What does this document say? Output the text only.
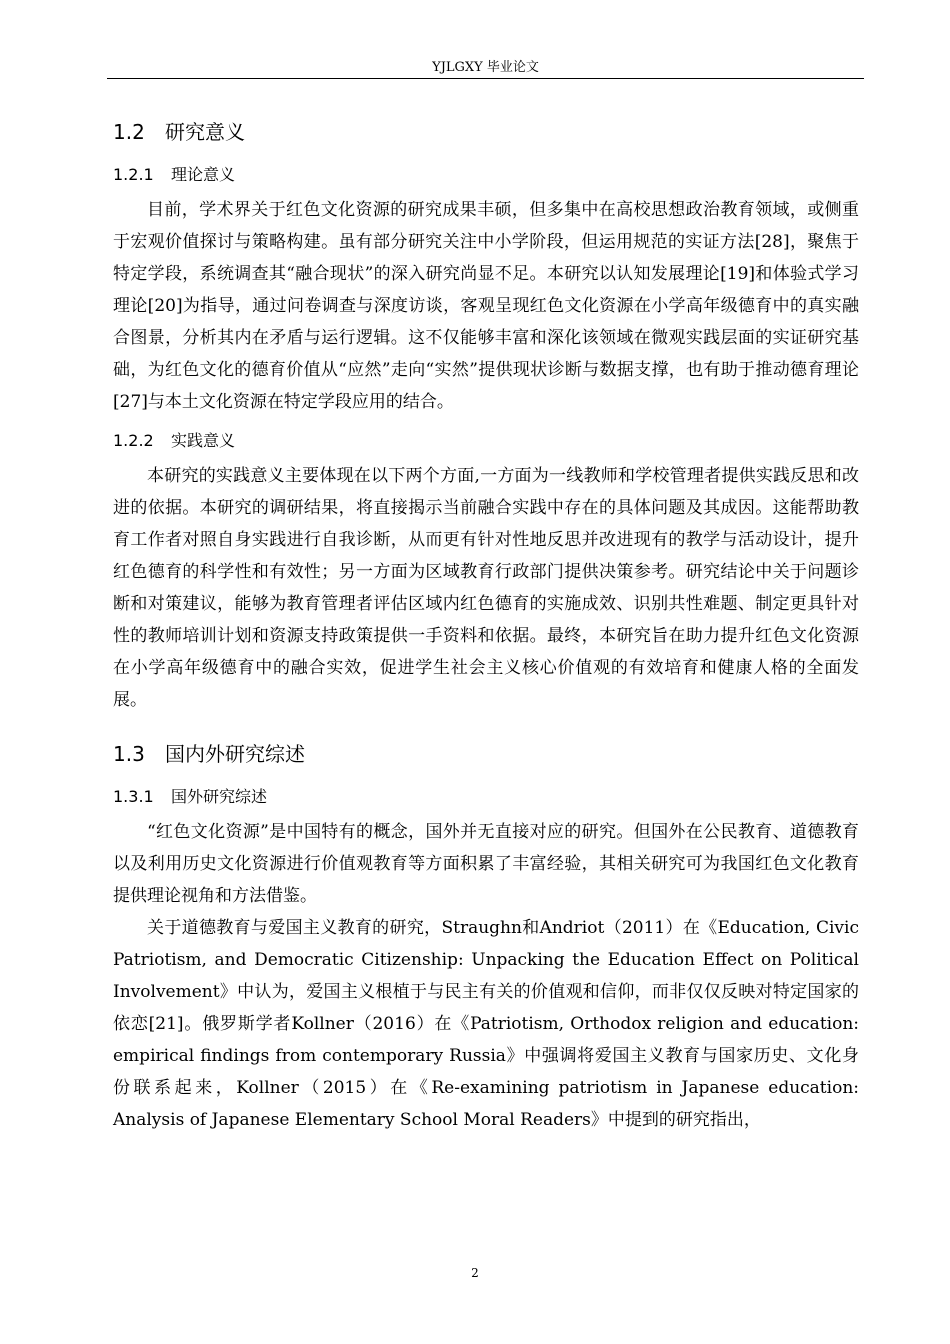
YJLGXY 毕业论文
1.2 研究意义
1.2.1 理论意义

目前，学术界关于红色文化资源的研究成果丰硕，但多集中在高校思想政治教育领域，或侧重于宏观价值探讨与策略构建。虽有部分研究关注中小学阶段，但运用规范的实证方法[28]，聚焦于特定学段，系统调查其“融合现状”的深入研究尚显不足。本研究以认知发展理论[19]和体验式学习理论[20]为指导，通过问卷调查与深度访谈，客观呈现红色文化资源在小学高年级德育中的真实融合图景，分析其内在矛盾与运行逻辑。这不仅能够丰富和深化该领域在微观实践层面的实证研究基础，为红色文化的德育价值从“应然”走向“实然”提供现状诊断与数据支撑，也有助于推动德育理论[27]与本土文化资源在特定学段应用的结合。

1.2.2 实践意义

本研究的实践意义主要体现在以下两个方面,一方面为一线教师和学校管理者提供实践反思和改进的依据。本研究的调研结果，将直接揭示当前融合实践中存在的具体问题及其成因。这能帮助教育工作者对照自身实践进行自我诊断，从而更有针对性地反思并改进现有的教学与活动设计，提升红色德育的科学性和有效性；另一方面为区域教育行政部门提供决策参考。研究结论中关于问题诊断和对策建议，能够为教育管理者评估区域内红色德育的实施成效、识别共性难题、制定更具针对性的教师培训计划和资源支持政策提供一手资料和依据。最终，本研究旨在助力提升红色文化资源在小学高年级德育中的融合实效，促进学生社会主义核心价值观的有效培育和健康人格的全面发展。

1.3 国内外研究综述
1.3.1 国外研究综述

“红色文化资源”是中国特有的概念，国外并无直接对应的研究。但国外在公民教育、道德教育以及利用历史文化资源进行价值观教育等方面积累了丰富经验，其相关研究可为我国红色文化教育提供理论视角和方法借鉴。

关于道德教育与爱国主义教育的研究，Straughn和Andriot（2011）在《Education, Civic Patriotism, and Democratic Citizenship: Unpacking the Education Effect on Political Involvement》中认为，爱国主义根植于与民主有关的价值观和信仰，而非仅仅反映对特定国家的依恋[21]。俄罗斯学者Kollner（2016）在《Patriotism, Orthodox religion and education: empirical findings from contemporary Russia》中强调将爱国主义教育与国家历史、文化身份联系起来，Kollner（2015）在《Re-examining patriotism in Japanese education: Analysis of Japanese Elementary School Moral Readers》中提到的研究指出，

2
